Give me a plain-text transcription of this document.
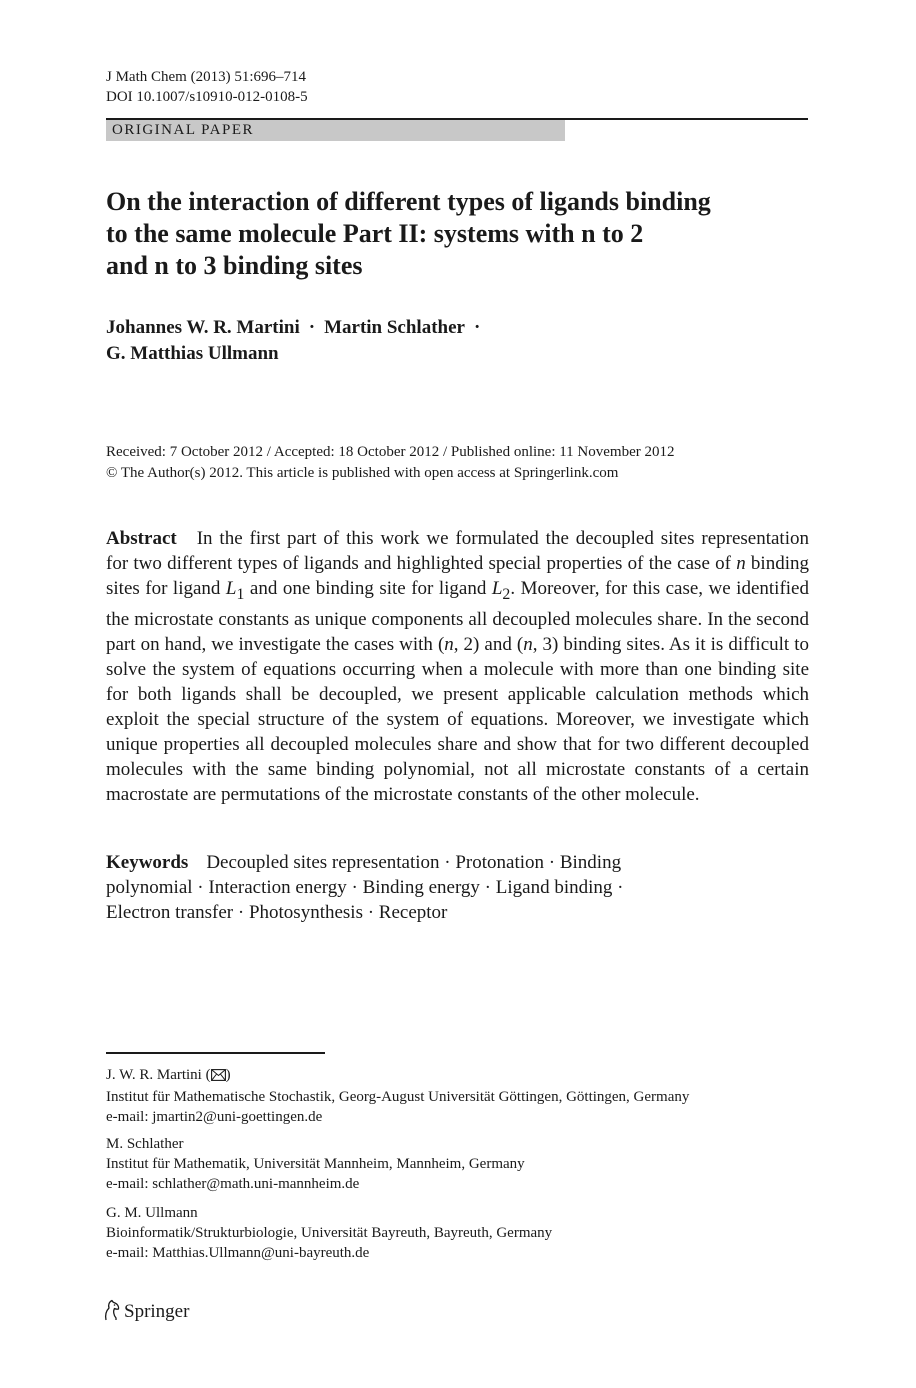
J Math Chem (2013) 51:696–714
DOI 10.1007/s10910-012-0108-5
ORIGINAL PAPER
On the interaction of different types of ligands binding
to the same molecule Part II: systems with n to 2
and n to 3 binding sites
Johannes W. R. Martini · Martin Schlather ·
G. Matthias Ullmann
Received: 7 October 2012 / Accepted: 18 October 2012 / Published online: 11 November 2012
© The Author(s) 2012. This article is published with open access at Springerlink.com
Abstract In the first part of this work we formulated the decoupled sites representation for two different types of ligands and highlighted special properties of the case of n binding sites for ligand $L_1$ and one binding site for ligand $L_2$. Moreover, for this case, we identified the microstate constants as unique components all decoupled molecules share. In the second part on hand, we investigate the cases with (n, 2) and (n, 3) binding sites. As it is difficult to solve the system of equations occurring when a molecule with more than one binding site for both ligands shall be decoupled, we present applicable calculation methods which exploit the special structure of the system of equations. Moreover, we investigate which unique properties all decoupled molecules share and show that for two different decoupled molecules with the same binding polynomial, not all microstate constants of a certain macrostate are permutations of the microstate constants of the other molecule.
Keywords Decoupled sites representation · Protonation · Binding
polynomial · Interaction energy · Binding energy · Ligand binding ·
Electron transfer · Photosynthesis · Receptor
J. W. R. Martini ( )
Institut für Mathematische Stochastik, Georg-August Universität Göttingen, Göttingen, Germany
e-mail: jmartin2@uni-goettingen.de
M. Schlather
Institut für Mathematik, Universität Mannheim, Mannheim, Germany
e-mail: schlather@math.uni-mannheim.de
G. M. Ullmann
Bioinformatik/Strukturbiologie, Universität Bayreuth, Bayreuth, Germany
e-mail: Matthias.Ullmann@uni-bayreuth.de
Springer
